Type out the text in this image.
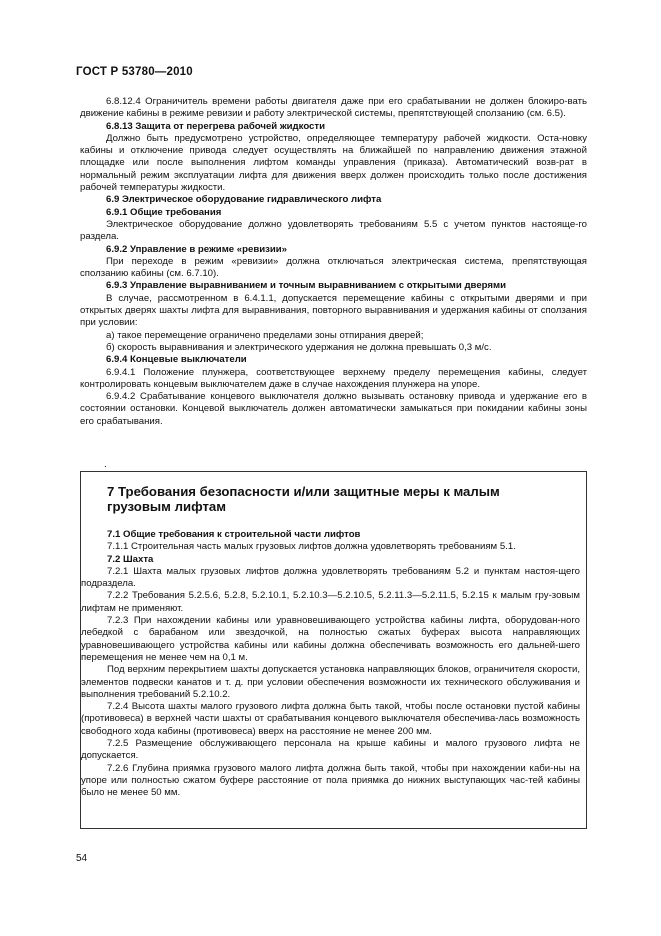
ГОСТ Р 53780—2010

6.8.12.4 Ограничитель времени работы двигателя даже при его срабатывании не должен блокиро-вать движение кабины в режиме ревизии и работу электрической системы, препятствующей сползанию (см. 6.5).

6.8.13 Защита от перегрева рабочей жидкости

Должно быть предусмотрено устройство, определяющее температуру рабочей жидкости. Оста-новку кабины и отключение привода следует осуществлять на ближайшей по направлению движения этажной площадке или после выполнения лифтом команды управления (приказа). Автоматический возв-рат в нормальный режим эксплуатации лифта для движения вверх должен происходить только после достижения рабочей температуры жидкости.

6.9 Электрическое оборудование гидравлического лифта

6.9.1 Общие требования

Электрическое оборудование должно удовлетворять требованиям 5.5 с учетом пунктов настояще-го раздела.

6.9.2 Управление в режиме «ревизии»

При переходе в режим «ревизии» должна отключаться электрическая система, препятствующая сползанию кабины (см. 6.7.10).

6.9.3 Управление выравниванием и точным выравниванием с открытыми дверями

В случае, рассмотренном в 6.4.1.1, допускается перемещение кабины с открытыми дверями и при открытых дверях шахты лифта для выравнивания, повторного выравнивания и удержания кабины от сползания при условии:

а) такое перемещение ограничено пределами зоны отпирания дверей;

б) скорость выравнивания и электрического удержания не должна превышать 0,3 м/с.

6.9.4 Концевые выключатели

6.9.4.1 Положение плунжера, соответствующее верхнему пределу перемещения кабины, следует контролировать концевым выключателем даже в случае нахождения плунжера на упоре.

6.9.4.2 Срабатывание концевого выключателя должно вызывать остановку привода и удержание его в состоянии остановки. Концевой выключатель должен автоматически замыкаться при покидании кабины зоны его срабатывания.

.
7 Требования безопасности и/или защитные меры к малым
грузовым лифтам

7.1 Общие требования к строительной части лифтов

7.1.1 Строительная часть малых грузовых лифтов должна удовлетворять требованиям 5.1.

7.2 Шахта

7.2.1 Шахта малых грузовых лифтов должна удовлетворять требованиям 5.2 и пунктам настоя-щего подраздела.

7.2.2 Требования 5.2.5.6, 5.2.8, 5.2.10.1, 5.2.10.3—5.2.10.5, 5.2.11.3—5.2.11.5, 5.2.15 к малым гру-зовым лифтам не применяют.

7.2.3 При нахождении кабины или уравновешивающего устройства кабины лифта, оборудован-ного лебедкой с барабаном или звездочкой, на полностью сжатых буферах высота направляющих уравновешивающего устройства кабины или кабины должна обеспечивать возможность его дальней-шего перемещения не менее чем на 0,1 м.

Под верхним перекрытием шахты допускается установка направляющих блоков, ограничителя скорости, элементов подвески канатов и т. д. при условии обеспечения возможности их технического обслуживания и выполнения требований 5.2.10.2.

7.2.4 Высота шахты малого грузового лифта должна быть такой, чтобы после остановки пустой кабины (противовеса) в верхней части шахты от срабатывания концевого выключателя обеспечива-лась возможность свободного хода кабины (противовеса) вверх на расстояние не менее 200 мм.

7.2.5 Размещение обслуживающего персонала на крыше кабины и малого грузового лифта не допускается.

7.2.6 Глубина приямка грузового малого лифта должна быть такой, чтобы при нахождении каби-ны на упоре или полностью сжатом буфере расстояние от пола приямка до нижних выступающих час-тей кабины было не менее 50 мм.

54
